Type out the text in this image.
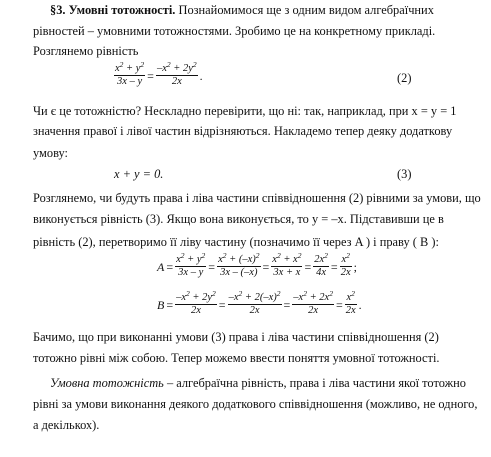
§3. Умовні тотожності. Познайомимося ще з одним видом алгебраїчних
рівностей – умовними тотожностями. Зробимо це на конкретному прикладі.
Розглянемо рівність
$\frac{x^2 + y^2}{3x - y} = \frac{-x^2 + 2y^2}{2x}$ .	(2)
Чи є це тотожністю? Нескладно перевірити, що ні: так, наприклад, при x = y = 1
значення правої і лівої частин відрізняються. Накладемо тепер деяку додаткову
умову:
x + y = 0.	(3)
Розглянемо, чи будуть права і ліва частини співвідношення (2) рівними за умови, що
виконується рівність (3). Якщо вона виконується, то y = –x. Підставивши це в
рівність (2), перетворимо її ліву частину (позначимо її через A ) і праву ( B ):
$A = \frac{x^2 + y^2}{3x - y} = \frac{x^2 + (-x)^2}{3x - (-x)} = \frac{x^2 + x^2}{3x + x} = \frac{2x^2}{4x} = \frac{x^2}{2x}$ ;
$B = \frac{-x^2 + 2y^2}{2x} = \frac{-x^2 + 2(-x)^2}{2x} = \frac{-x^2 + 2x^2}{2x} = \frac{x^2}{2x}$ .
Бачимо, що при виконанні умови (3) права і ліва частини співвідношення (2)
тотожно рівні між собою. Тепер можемо ввести поняття умовної тотожності.
Умовна тотожність – алгебраїчна рівність, права і ліва частини якої тотожно
рівні за умови виконання деякого додаткового співвідношення (можливо, не одного,
а декількох).
